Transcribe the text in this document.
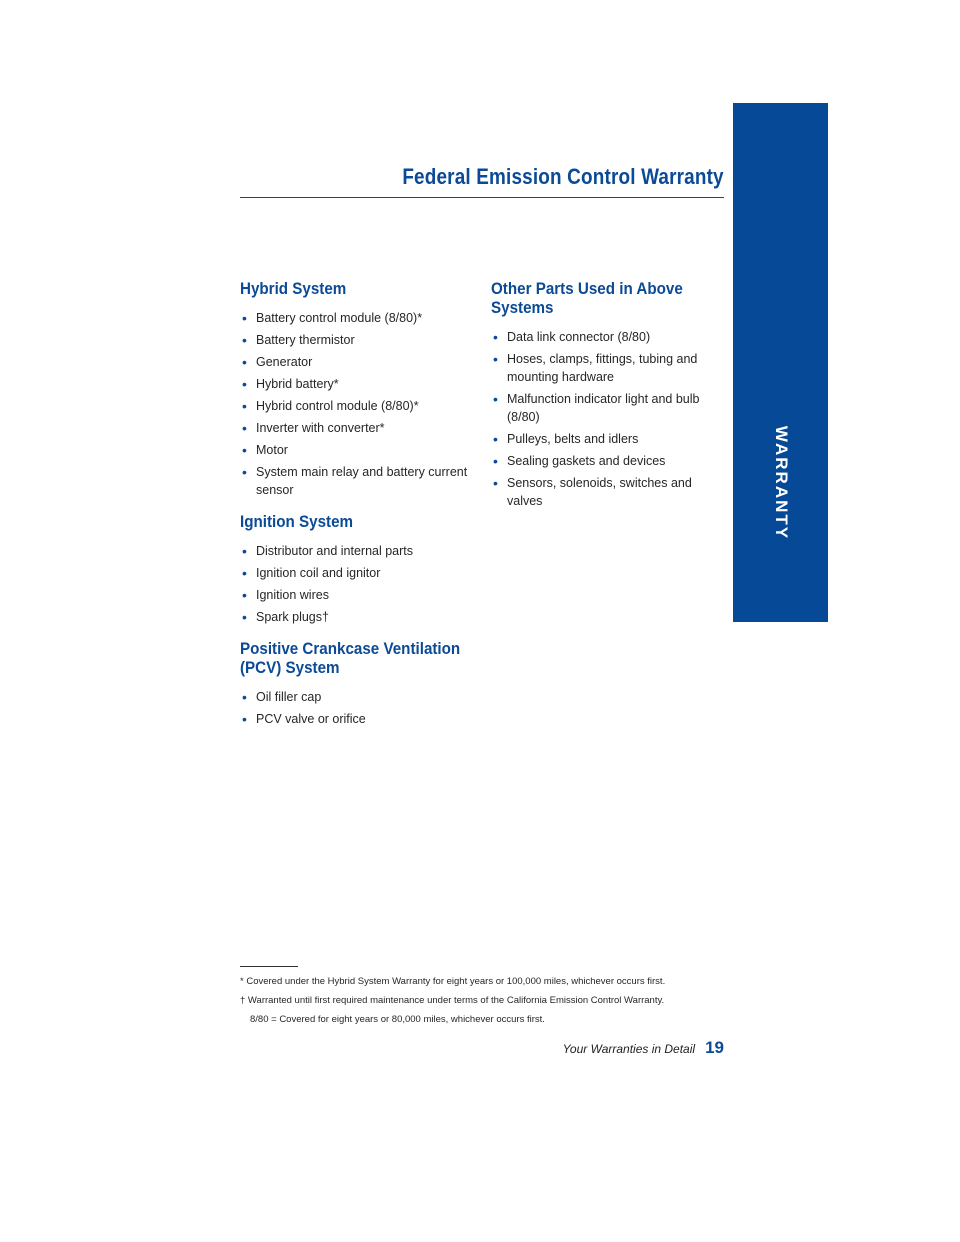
Federal Emission Control Warranty
WARRANTY
Hybrid System
• Battery control module (8/80)*
• Battery thermistor
• Generator
• Hybrid battery*
• Hybrid control module (8/80)*
• Inverter with converter*
• Motor
• System main relay and battery current sensor
Ignition System
• Distributor and internal parts
• Ignition coil and ignitor
• Ignition wires
• Spark plugs†
Positive Crankcase Ventilation (PCV) System
• Oil filler cap
• PCV valve or orifice
Other Parts Used in Above Systems
• Data link connector (8/80)
• Hoses, clamps, fittings, tubing and mounting hardware
• Malfunction indicator light and bulb (8/80)
• Pulleys, belts and idlers
• Sealing gaskets and devices
• Sensors, solenoids, switches and valves

* Covered under the Hybrid System Warranty for eight years or 100,000 miles, whichever occurs first.

† Warranted until first required maintenance under terms of the California Emission Control Warranty.

8/80 = Covered for eight years or 80,000 miles, whichever occurs first.

Your Warranties in Detail 19
